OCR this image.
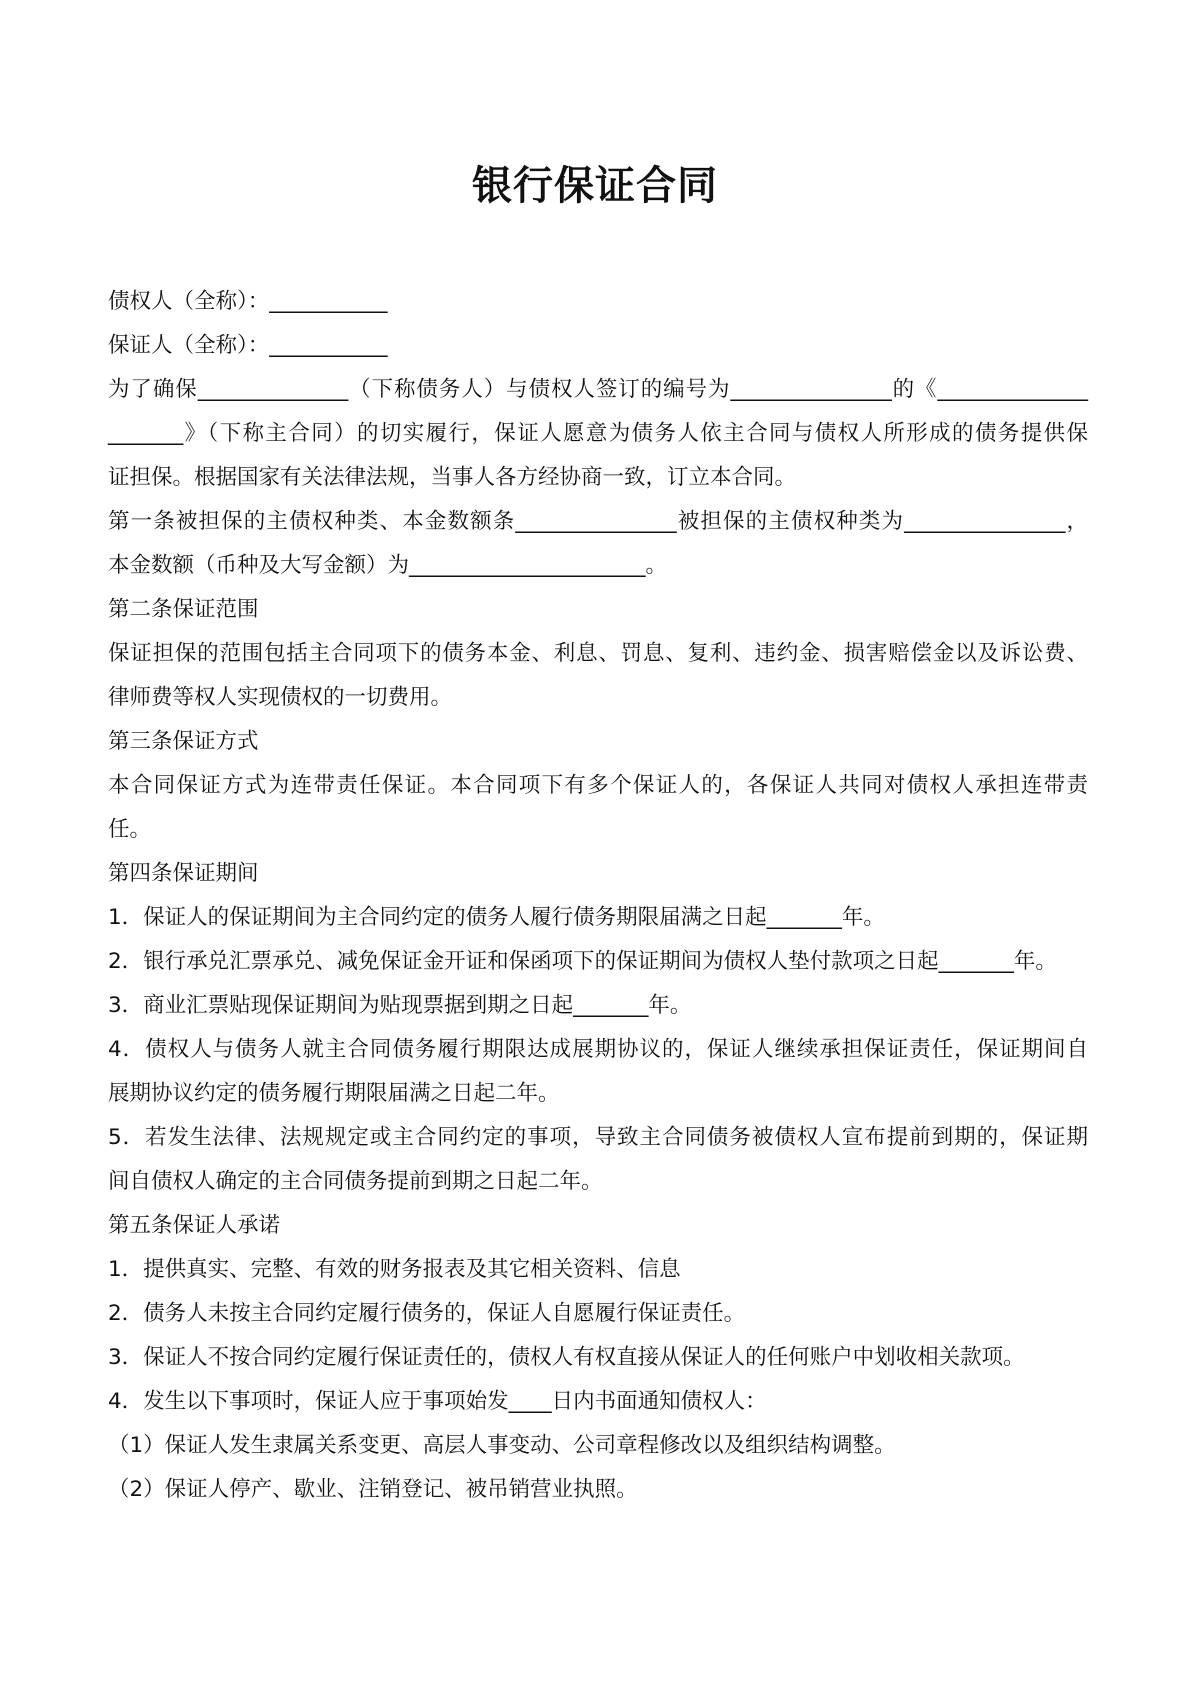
银行保证合同

债权人（全称）：___________

保证人（全称）：___________

为了确保______________（下称债务人）与债权人签订的编号为_______________的《______________

_______》（下称主合同）的切实履行，保证人愿意为债务人依主合同与债权人所形成的债务提供保

证担保。根据国家有关法律法规，当事人各方经协商一致，订立本合同。

第一条被担保的主债权种类、本金数额条_______________被担保的主债权种类为_______________，

本金数额（币种及大写金额）为______________________。

第二条保证范围

保证担保的范围包括主合同项下的债务本金、利息、罚息、复利、违约金、损害赔偿金以及诉讼费、

律师费等权人实现债权的一切费用。

第三条保证方式

本合同保证方式为连带责任保证。本合同项下有多个保证人的，各保证人共同对债权人承担连带责

任。

第四条保证期间

1．保证人的保证期间为主合同约定的债务人履行债务期限届满之日起_______年。

2．银行承兑汇票承兑、减免保证金开证和保函项下的保证期间为债权人垫付款项之日起_______年。

3．商业汇票贴现保证期间为贴现票据到期之日起_______年。

4．债权人与债务人就主合同债务履行期限达成展期协议的，保证人继续承担保证责任，保证期间自

展期协议约定的债务履行期限届满之日起二年。

5．若发生法律、法规规定或主合同约定的事项，导致主合同债务被债权人宣布提前到期的，保证期

间自债权人确定的主合同债务提前到期之日起二年。

第五条保证人承诺

1．提供真实、完整、有效的财务报表及其它相关资料、信息

2．债务人未按主合同约定履行债务的，保证人自愿履行保证责任。

3．保证人不按合同约定履行保证责任的，债权人有权直接从保证人的任何账户中划收相关款项。

4．发生以下事项时，保证人应于事项始发____日内书面通知债权人：

（1）保证人发生隶属关系变更、高层人事变动、公司章程修改以及组织结构调整。

（2）保证人停产、歇业、注销登记、被吊销营业执照。
